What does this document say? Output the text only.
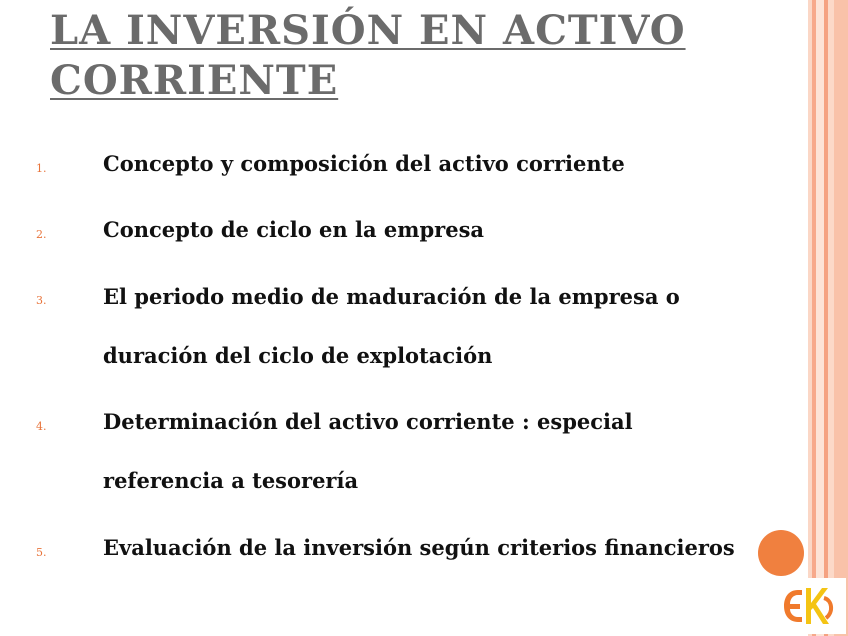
LA INVERSIÓN EN ACTIVO
CORRIENTE
1.	Concepto y composición del activo corriente
2.	Concepto de ciclo en la empresa
3.	El periodo medio de maduración de la empresa o
duración del ciclo de explotación
4.	Determinación del activo corriente : especial
referencia a tesorería
5.	Evaluación de la inversión según criterios financieros
